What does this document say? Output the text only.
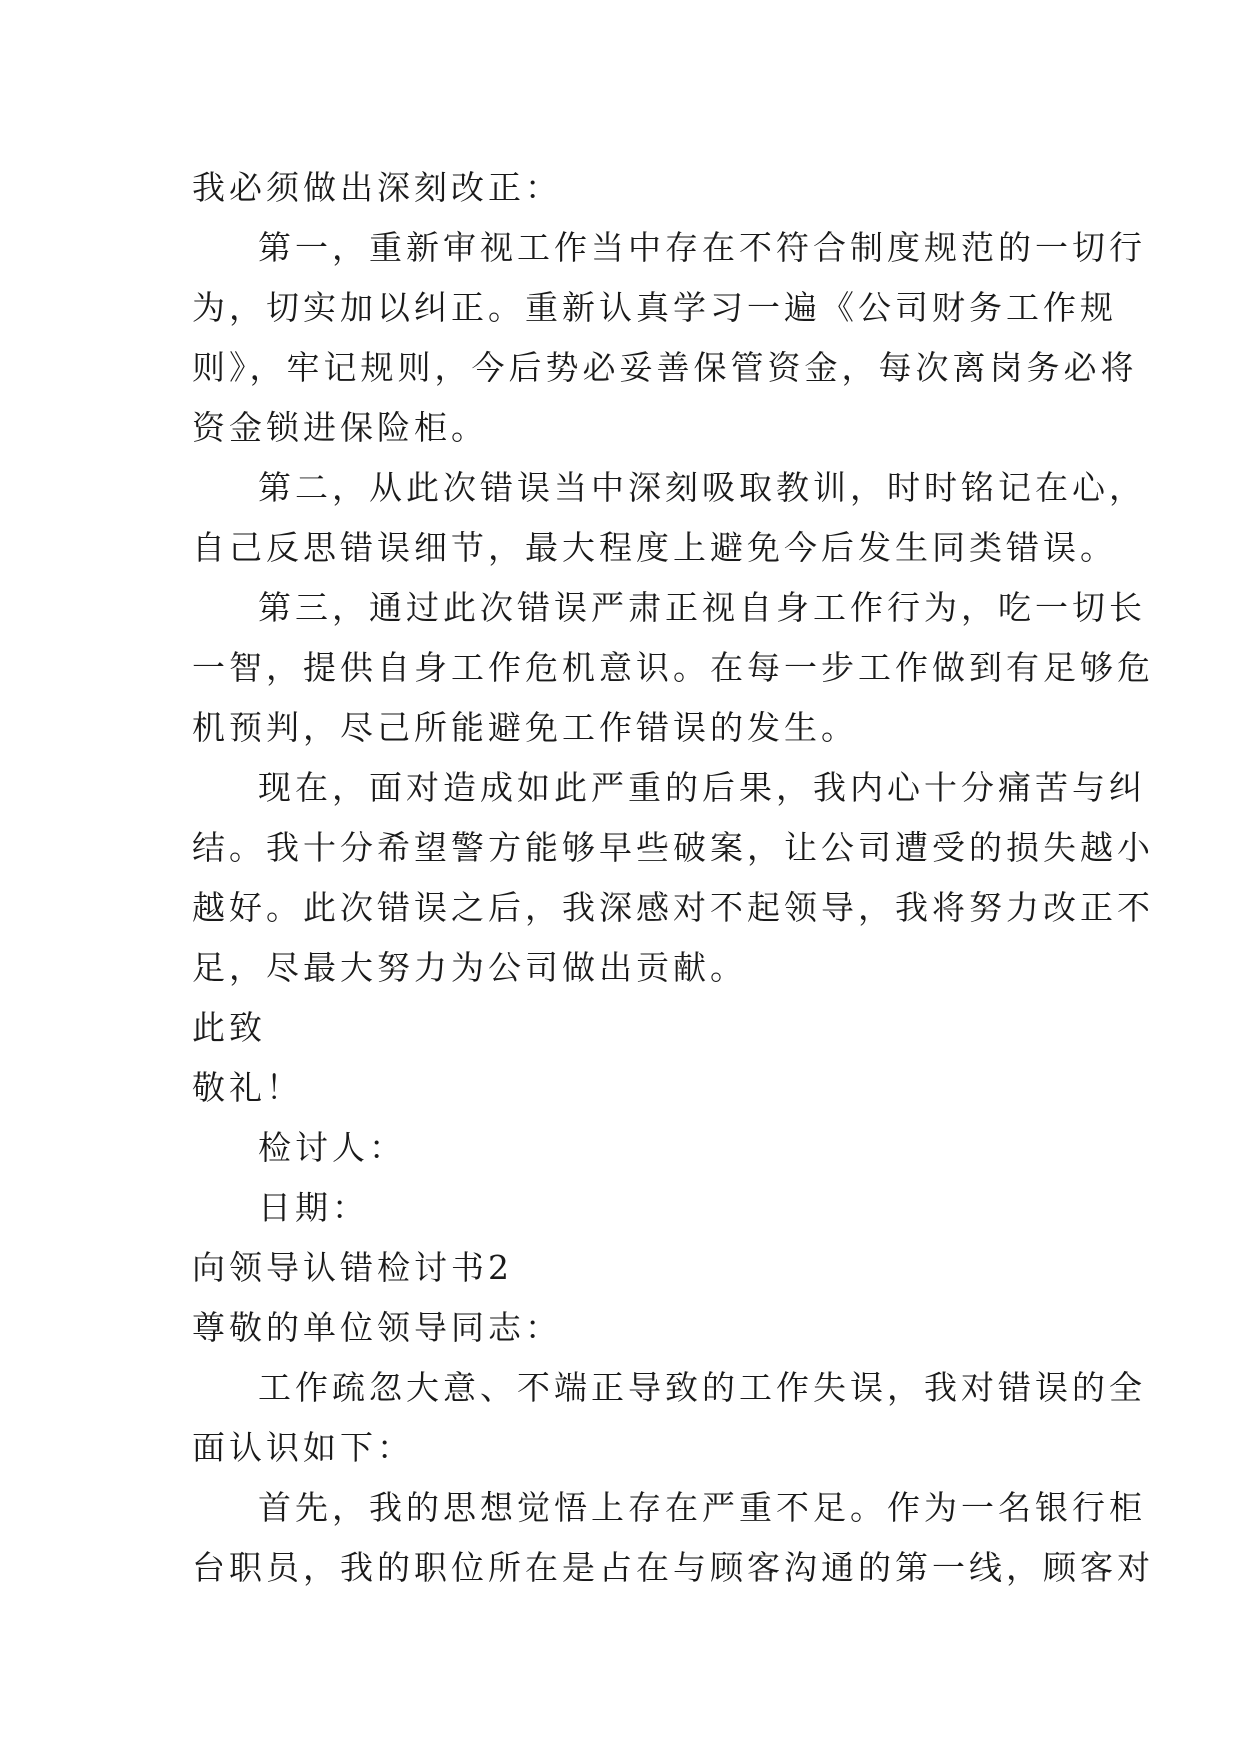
我必须做出深刻改正：
第一，重新审视工作当中存在不符合制度规范的一切行
为，切实加以纠正。重新认真学习一遍《公司财务工作规
则》，牢记规则，今后势必妥善保管资金，每次离岗务必将
资金锁进保险柜。
第二，从此次错误当中深刻吸取教训，时时铭记在心，
自己反思错误细节，最大程度上避免今后发生同类错误。
第三，通过此次错误严肃正视自身工作行为，吃一切长
一智，提供自身工作危机意识。在每一步工作做到有足够危
机预判，尽己所能避免工作错误的发生。
现在，面对造成如此严重的后果，我内心十分痛苦与纠
结。我十分希望警方能够早些破案，让公司遭受的损失越小
越好。此次错误之后，我深感对不起领导，我将努力改正不
足，尽最大努力为公司做出贡献。
此致
敬礼！
检讨人：
日期：
向领导认错检讨书2
尊敬的单位领导同志：
工作疏忽大意、不端正导致的工作失误，我对错误的全
面认识如下：
首先，我的思想觉悟上存在严重不足。作为一名银行柜
台职员，我的职位所在是占在与顾客沟通的第一线，顾客对
